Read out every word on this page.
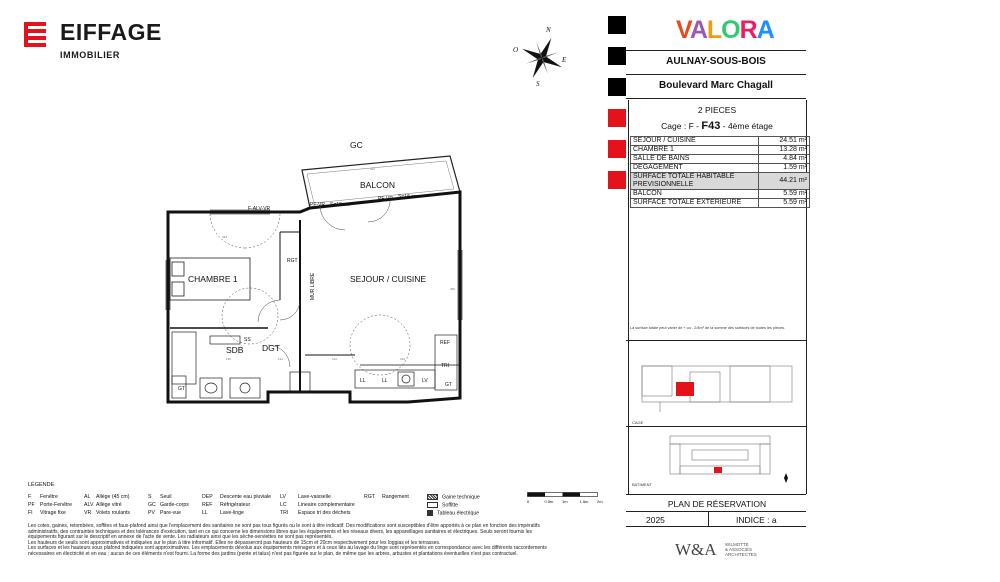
EIFFAGE
IMMOBILIER
N
S
E
O
VALORA
AULNAY-SOUS-BOIS
Boulevard Marc Chagall
2 PIECES
Cage : F - F43 - 4ème étage
SEJOUR / CUISINE	24.51 m²
CHAMBRE 1	13.28 m²
SALLE DE BAINS	4.84 m²
DEGAGEMENT	1.59 m²
SURFACE TOTALE HABITABLE PREVISIONNELLE	44.21 m²
BALCON	5.59 m²
SURFACE TOTALE EXTERIEURE	5.59 m²
La surface totale peut varier de + ou - 2/4m² de la somme des surfaces de toutes les pièces.
CAGE
BATIMENT
PLAN DE RÉSERVATION
2025	INDICE : a
W&A WILMOTTE
& ASSOCIÉS
ARCHITECTES
GC
BALCON
CHAMBRE 1	SEJOUR / CUISINE
SDB DGT
F-ALV-VR
PF-VR S=18 cm
PF-VR S=18 cm
RGT
MUR LIBRE
SS	REF
TRI
LL
LL	LV
GT
GT
344
450
422
102	316
190	122
LÉGENDE
F Fenêtre
PF Porte-Fenêtre
FI Vitrage fixe
AL Allège (45 cm)
ALV Allège vitré
VR Volets roulants
S Seuil
GC Garde-corps
PV Pare-vue
DEP Descente eau pluviale
REF Réfrigérateur
LL Lave-linge
LV Lave-vaisselle
LC Lineaire complementaire
TRI Espace tri des déchets
RGT Rangement	Gaine technique
Soffitte
Tableau électrique
0	0.5m 1m	1.5m 2m
Les cotes, gaines, retombées, soffites et faux-plafond ainsi que l'emplacement des sanitaires ne sont pas tous figurés ou le sont à titre indicatif. Des modifications sont susceptibles d'être apportés à ce plan en fonction des impératifs
administratifs, des contraintes techniques et des tolérances d'exécution, tant en ce qui concerne les dimensions libres que les équipements et les réseaux divers, les appareillages sanitaires et électriques. Seuls seront fournis les
équipements figurant sur le descriptif en annexe de l'acte de vente. Les radiateurs ainsi que les sèche-serviettes ne sont pas représentés.
Les hauteurs de seuils sont approximatives et indiquées sur le plan à titre informatif. Elles ne dépasseront pas hauteurs de 15cm et 20cm respectivement pour les loggias et les terrasses.
Les surfaces et les hauteurs sous plafond indiquées sont approximatives. Les emplacements dévolus aux équipements ménagers et à ceux liés au lavage du linge sont représentés en correspondance avec les différents raccordements
nécessaires en électricité et en eau ; aucun de ces éléments n'est fourni. La forme des jardins (pente et talus) n'est pas figurée sur le plan, de même que les arbres, arbustes et plantations éventuelles n'est pas contractuel.
